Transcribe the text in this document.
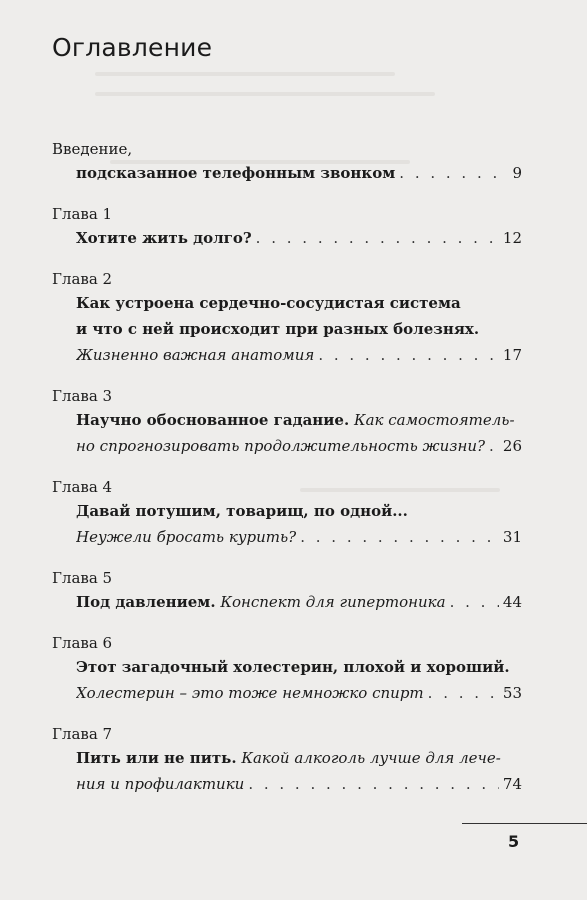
Оглавление
Введение,
подсказанное телефонным звонком . . .	9
Глава 1
Хотите жить долго? . . .	12
Глава 2
Как устроена сердечно-сосудистая система
и что с ней происходит при разных болезнях.
Жизненно важная анатомия . . .	17
Глава 3
Научно обоснованное гадание. Как самостоятель-
но спрогнозировать продолжительность жизни? . . . 26
Глава 4
Давай потушим, товарищ, по одной...
Неужели бросать курить? . . .	31
Глава 5
Под давлением. Конспект для гипертоника . . .	44
Глава 6
Этот загадочный холестерин, плохой и хороший.
Холестерин – это тоже немножко спирт . . .	53
Глава 7
Пить или не пить. Какой алкоголь лучше для лече-
ния и профилактики . . .	74
5
